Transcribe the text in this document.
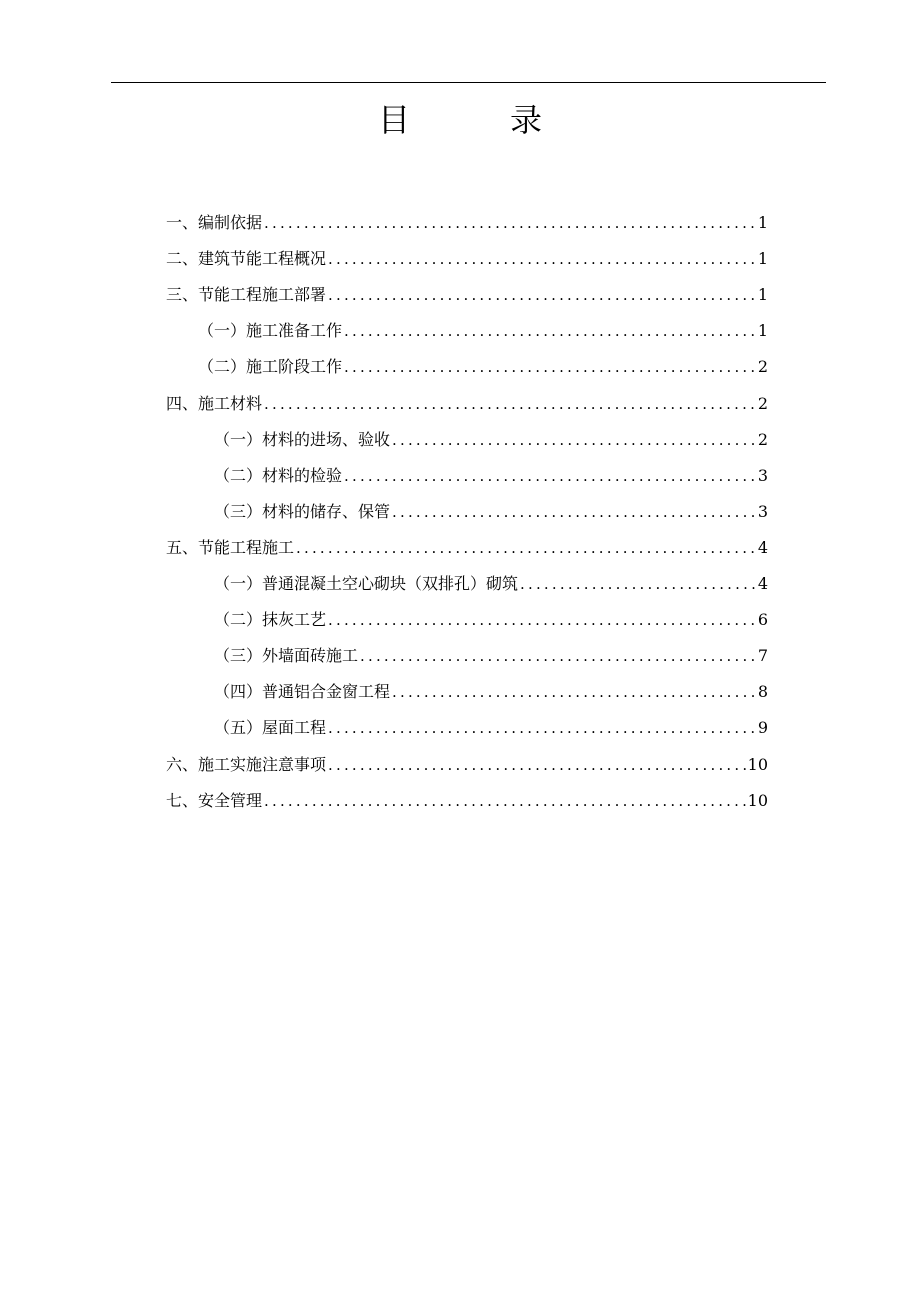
目	录
一、编制依据 .....	1
二、建筑节能工程概况 .....	1
三、节能工程施工部署 .....	1
（一）施工准备工作 .....	1
（二）施工阶段工作 .....	2
四、施工材料 .....	2
（一）材料的进场、验收 .....	2
（二）材料的检验 .....	3
（三）材料的储存、保管 .....	3
五、节能工程施工 .....	4
（一）普通混凝土空心砌块（双排孔）砌筑 .....	4
（二）抹灰工艺 .....	6
（三）外墙面砖施工 .....	7
（四）普通铝合金窗工程 .....	8
（五）屋面工程 .....	9
六、施工实施注意事项 .....	10
七、安全管理 .....	10
